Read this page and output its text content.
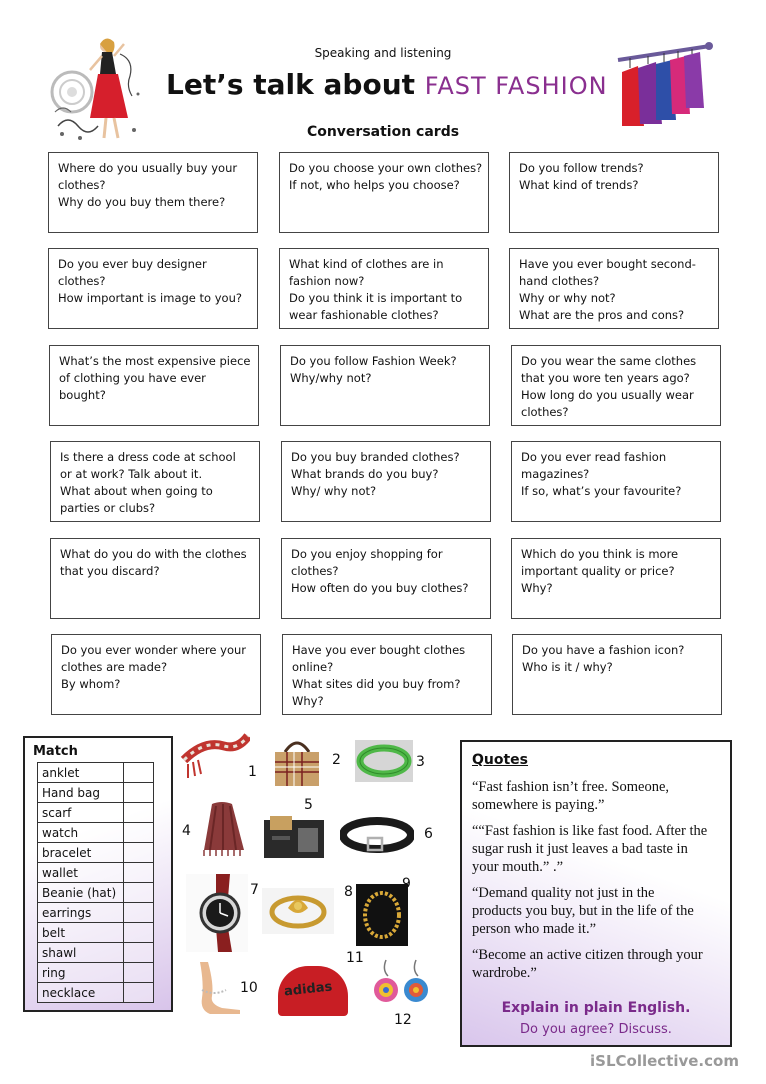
Speaking and listening
Let’s talk about FAST FASHION
Conversation cards
Where do you usually buy your
clothes?
Why do you buy them there?
Do you choose your own clothes?
If not, who helps you choose?
Do you follow trends?
What kind of trends?
Do you ever buy designer
clothes?
How important is image to you?
What kind of clothes are in
fashion now?
Do you think it is important to
wear fashionable clothes?
Have you ever bought second-
hand clothes?
Why or why not?
What are the pros and cons?
What’s the most expensive piece
of clothing you have ever
bought?
Do you follow Fashion Week?
Why/why not?
Do you wear the same clothes
that you wore ten years ago?
How long do you usually wear
clothes?
Is there a dress code at school
or at work? Talk about it.
What about when going to
parties or clubs?
Do you buy branded clothes?
What brands do you buy?
Why/ why not?
Do you ever read fashion
magazines?
If so, what’s your favourite?
What do you do with the clothes
that you discard?
Do you enjoy shopping for
clothes?
How often do you buy clothes?
Which do you think is more
important quality or price?
Why?
Do you ever wonder where your
clothes are made?
By whom?
Have you ever bought clothes
online?
What sites did you buy from?
Why?
Do you have a fashion icon?
Who is it / why?
Match
anklet	
Hand bag	
scarf	
watch	
bracelet	
wallet	
Beanie (hat)	
earrings	
belt	
shawl	
ring	
necklace	
1
2	3
4
5
6
7	8	9
10 adidas
11
12
Quotes
“Fast fashion isn’t free. Someone,
somewhere is paying.”
““Fast fashion is like fast food. After the
sugar rush it just leaves a bad taste in
your mouth.” .”
“Demand quality not just in the
products you buy, but in the life of the
person who made it.”
“Become an active citizen through your
wardrobe.”
Explain in plain English.
Do you agree? Discuss.
iSLCollective.com
